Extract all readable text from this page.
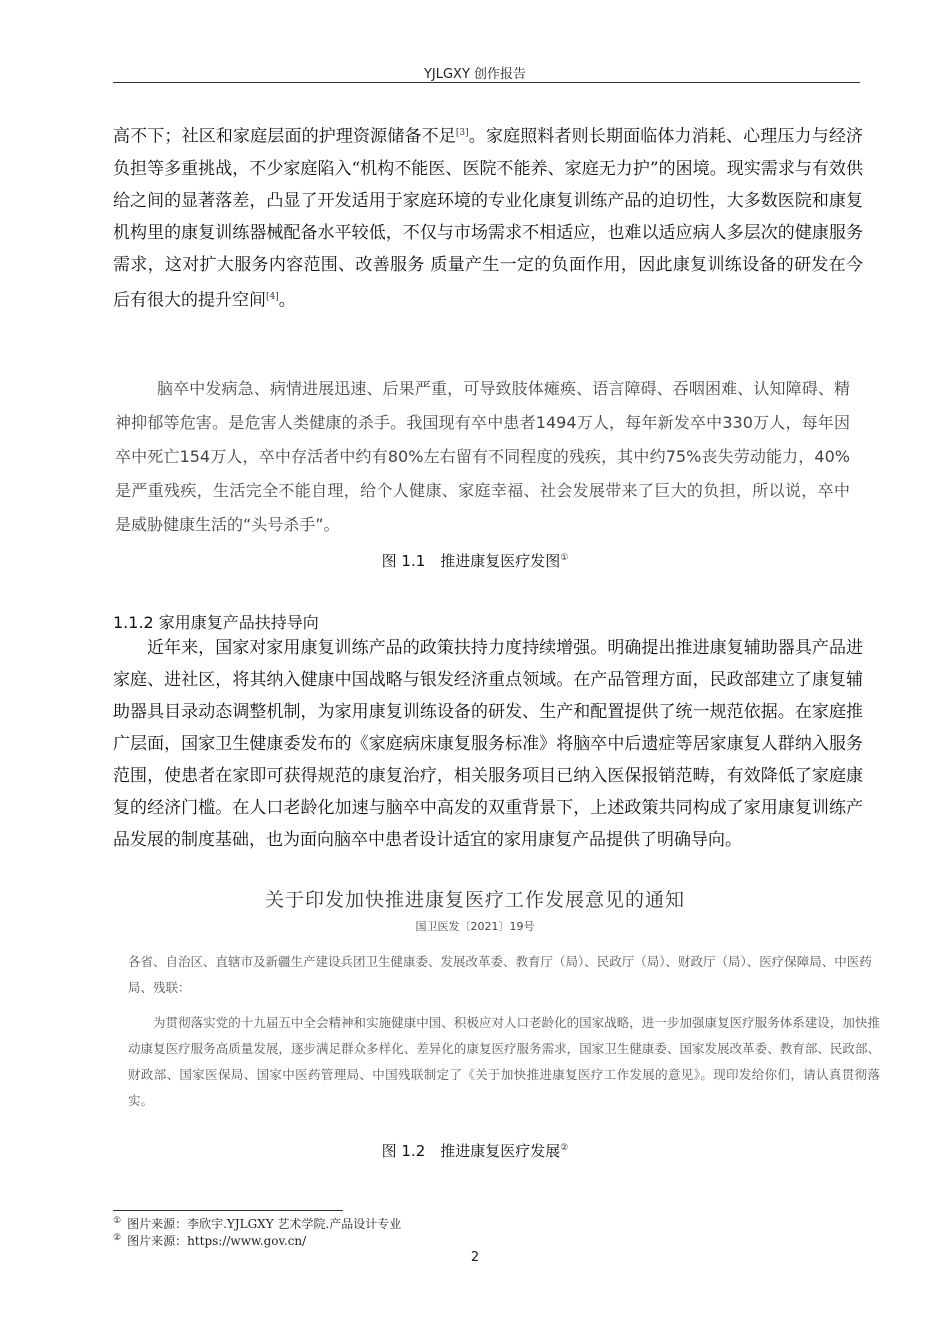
YJLGXY 创作报告

高不下；社区和家庭层面的护理资源储备不足[3]。家庭照料者则长期面临体力消耗、心理压力与经济负担等多重挑战，不少家庭陷入“机构不能医、医院不能养、家庭无力护”的困境。现实需求与有效供给之间的显著落差，凸显了开发适用于家庭环境的专业化康复训练产品的迫切性，大多数医院和康复机构里的康复训练器械配备水平较低，不仅与市场需求不相适应，也难以适应病人多层次的健康服务需求，这对扩大服务内容范围、改善服务 质量产生一定的负面作用，因此康复训练设备的研发在今后有很大的提升空间[4]。

脑卒中发病急、病情进展迅速、后果严重，可导致肢体瘫痪、语言障碍、吞咽困难、认知障碍、精神抑郁等危害。是危害人类健康的杀手。我国现有卒中患者1494万人，每年新发卒中330万人，每年因卒中死亡154万人，卒中存活者中约有80%左右留有不同程度的残疾，其中约75%丧失劳动能力，40%是严重残疾，生活完全不能自理，给个人健康、家庭幸福、社会发展带来了巨大的负担，所以说，卒中是威胁健康生活的“头号杀手”。

图 1.1　推进康复医疗发图①
1.1.2 家用康复产品扶持导向

近年来，国家对家用康复训练产品的政策扶持力度持续增强。明确提出推进康复辅助器具产品进家庭、进社区，将其纳入健康中国战略与银发经济重点领域。在产品管理方面，民政部建立了康复辅助器具目录动态调整机制，为家用康复训练设备的研发、生产和配置提供了统一规范依据。在家庭推广层面，国家卫生健康委发布的《家庭病床康复服务标准》将脑卒中后遗症等居家康复人群纳入服务范围，使患者在家即可获得规范的康复治疗，相关服务项目已纳入医保报销范畴，有效降低了家庭康复的经济门槛。在人口老龄化加速与脑卒中高发的双重背景下，上述政策共同构成了家用康复训练产品发展的制度基础，也为面向脑卒中患者设计适宜的家用康复产品提供了明确导向。

关于印发加快推进康复医疗工作发展意见的通知
国卫医发〔2021〕19号

各省、自治区、直辖市及新疆生产建设兵团卫生健康委、发展改革委、教育厅（局）、民政厅（局）、财政厅（局）、医疗保障局、中医药局、残联：

为贯彻落实党的十九届五中全会精神和实施健康中国、积极应对人口老龄化的国家战略，进一步加强康复医疗服务体系建设，加快推动康复医疗服务高质量发展，逐步满足群众多样化、差异化的康复医疗服务需求，国家卫生健康委、国家发展改革委、教育部、民政部、财政部、国家医保局、国家中医药管理局、中国残联制定了《关于加快推进康复医疗工作发展的意见》。现印发给你们，请认真贯彻落实。

图 1.2　推进康复医疗发展②
① 图片来源：李欣宇.YJLGXY 艺术学院.产品设计专业
② 图片来源：https://www.gov.cn/
2
